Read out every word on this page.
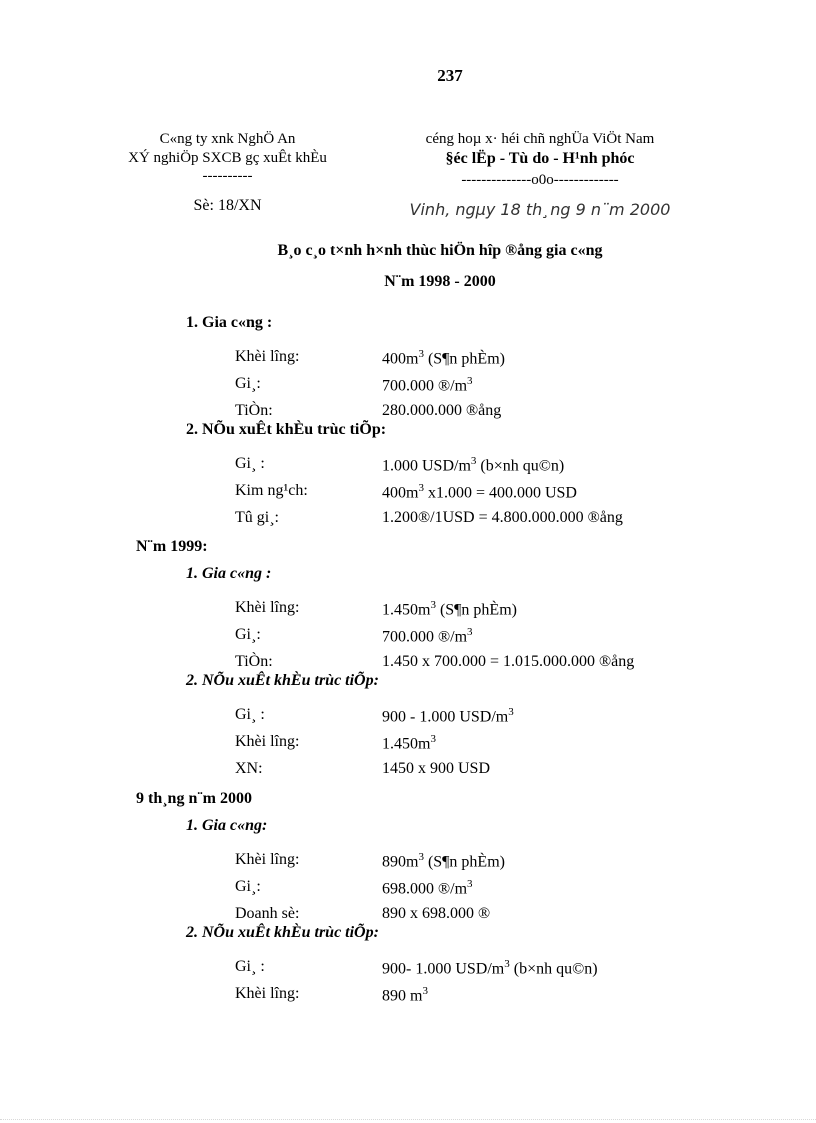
237
C«ng ty xnk NghÖ An
XÝ nghiÖp SXCB gç xuÊt khÈu
----------
Sè: 18/XN
céng hoµ x· héi chñ nghÜa ViÖt Nam
§éc lËp - Tù do - H¹nh phóc
--------------o0o-------------
Vinh, ngµy 18 th¸ng 9 n¨m 2000
B¸o c¸o t×nh h×nh thùc hiÖn hîp ®ång gia c«ng
N¨m 1998 - 2000
1. Gia c«ng :
Khèi lîng:	$400m^3$ (S¶n phÈm)
Gi¸:	700.000 $®/m^3$
TiÒn:	280.000.000 ®ång
2. NÕu xuÊt khÈu trùc tiÕp:
Gi¸ :	1.000 USD/$m^3$ (b×nh qu©n)
Kim ng¹ch:	$400m^3$ x1.000 = 400.000 USD
Tû gi¸:	1.200®/1USD = 4.800.000.000 ®ång
N¨m 1999:
1. Gia c«ng :
Khèi lîng:	$1.450m^3$ (S¶n phÈm)
Gi¸:	700.000 $®/m^3$
TiÒn:	1.450 x 700.000 = 1.015.000.000 ®ång
2. NÕu xuÊt khÈu trùc tiÕp:
Gi¸ :	900 - 1.000 USD/$m^3$
Khèi lîng:	$1.450m^3$
XN:	1450 x 900 USD
9 th¸ng n¨m 2000
1. Gia c«ng:
Khèi lîng:	$890m^3$ (S¶n phÈm)
Gi¸:	698.000 $®/m^3$
Doanh sè:	890 x 698.000 ®
2. NÕu xuÊt khÈu trùc tiÕp:
Gi¸ :	900- 1.000 USD/$m^3$ (b×nh qu©n)
Khèi lîng:	890 $m^3$
